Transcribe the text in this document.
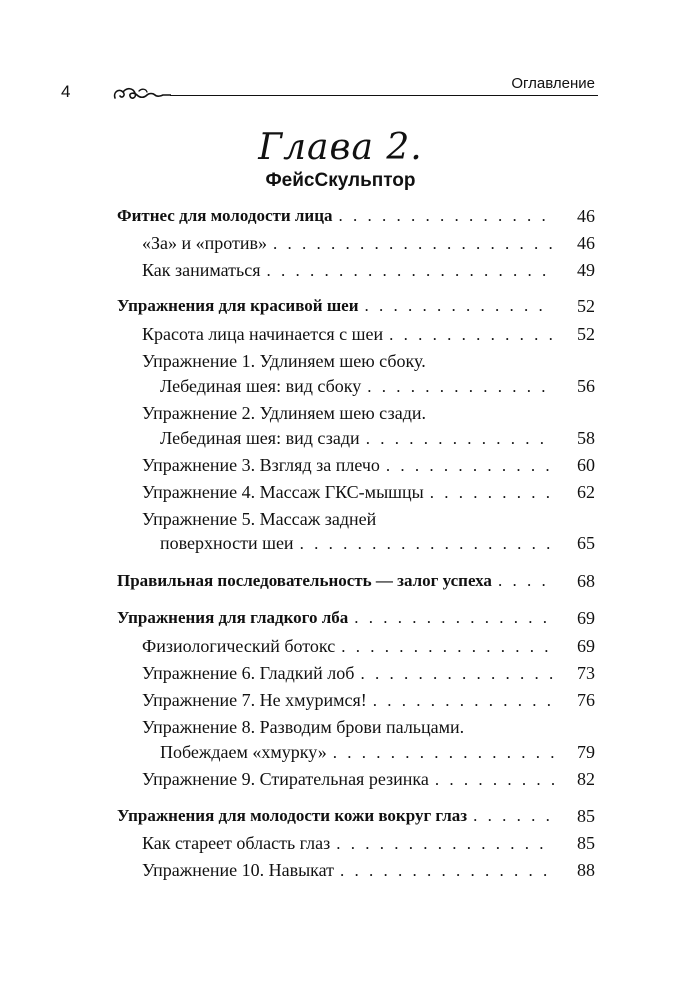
4	Оглавление
Глава 2.
ФейсСкульптор
Фитнес для молодости лица . . .	46
«За» и «против» . . .	46
Как заниматься . . .	49
Упражнения для красивой шеи . . .	52
Красота лица начинается с шеи . . .	52
Упражнение 1. Удлиняем шею сбоку.
Лебединая шея: вид сбоку . . .	56
Упражнение 2. Удлиняем шею сзади.
Лебединая шея: вид сзади . . .	58
Упражнение 3. Взгляд за плечо . . .	60
Упражнение 4. Массаж ГКС-мышцы . . .	62
Упражнение 5. Массаж задней
поверхности шеи . . .	65
Правильная последовательность — залог успеха . . .	68
Упражнения для гладкого лба . . .	69
Физиологический ботокс . . .	69
Упражнение 6. Гладкий лоб . . .	73
Упражнение 7. Не хмуримся! . . .	76
Упражнение 8. Разводим брови пальцами.
Побеждаем «хмурку» . . .	79
Упражнение 9. Стирательная резинка . . .	82
Упражнения для молодости кожи вокруг глаз . . .	85
Как стареет область глаз . . .	85
Упражнение 10. Навыкат . . .	88
